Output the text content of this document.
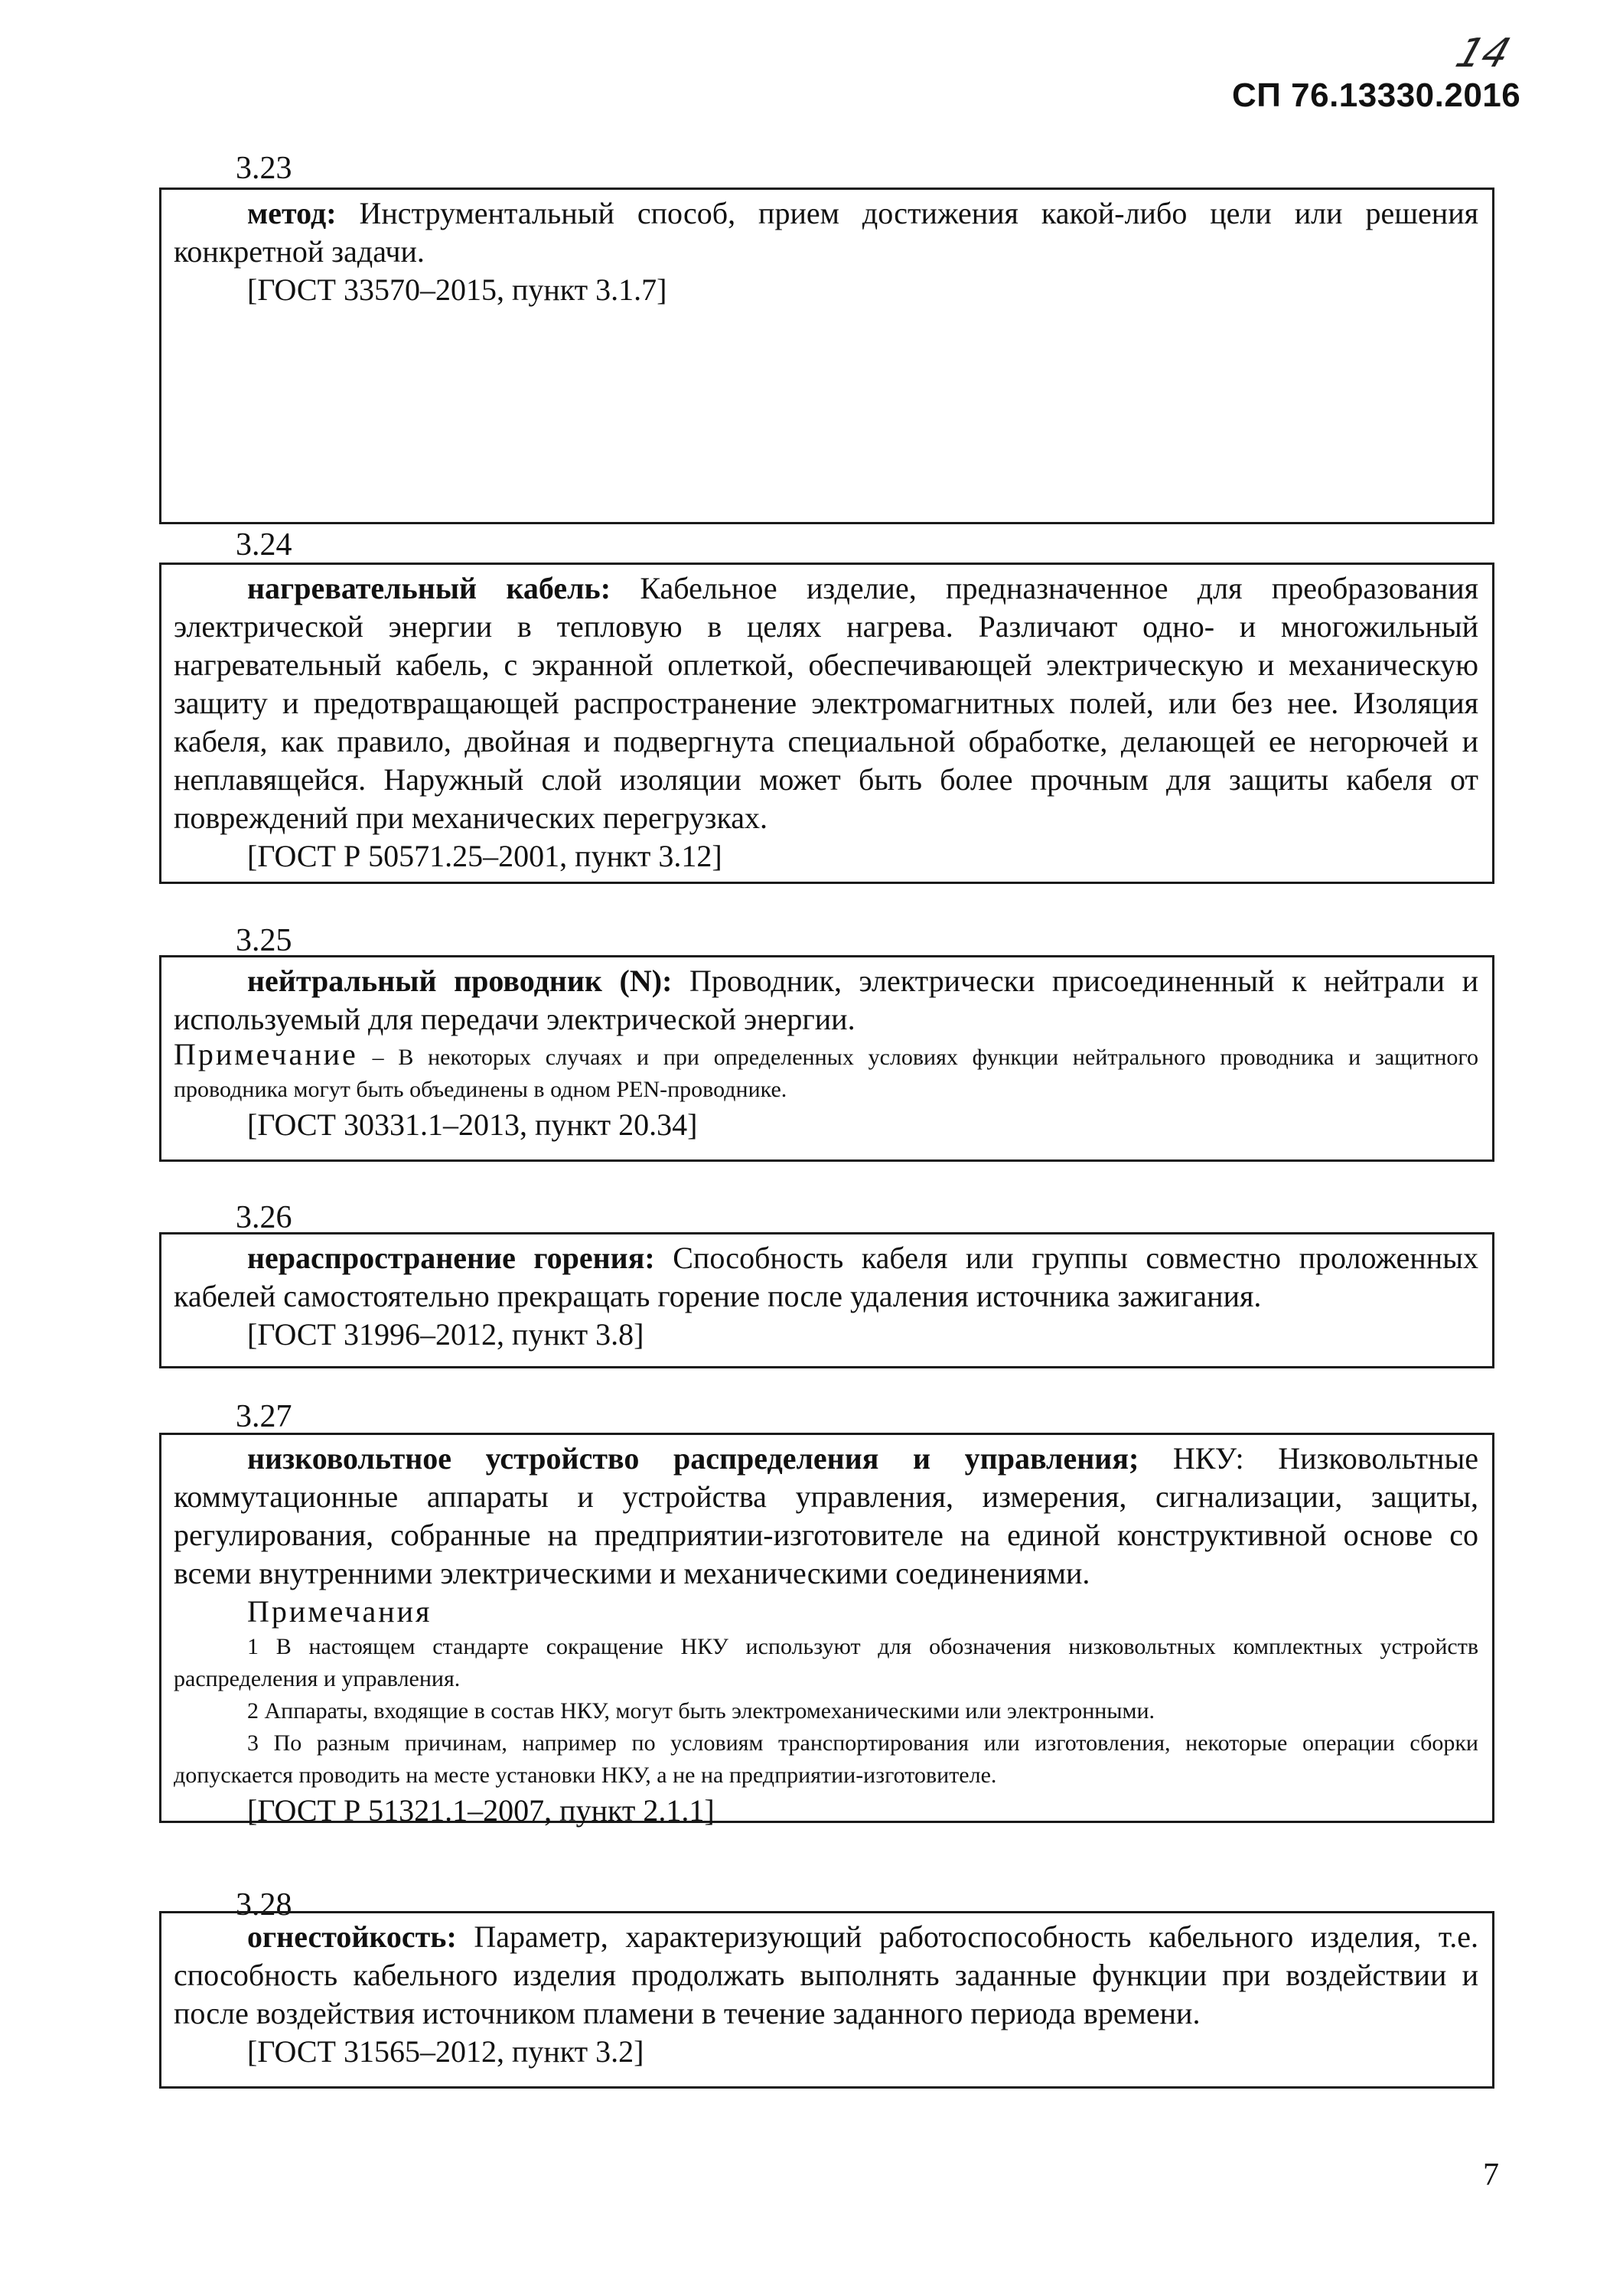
14
СП 76.13330.2016
3.23

метод: Инструментальный способ, прием достижения какой-либо цели или решения конкретной задачи.

[ГОСТ 33570–2015, пункт 3.1.7]

3.24

нагревательный кабель: Кабельное изделие, предназначенное для преобразования электрической энергии в тепловую в целях нагрева. Различают одно- и многожильный нагревательный кабель, с экранной оплеткой, обеспечивающей электрическую и механическую защиту и предотвращающей распространение электромагнитных полей, или без нее. Изоляция кабеля, как правило, двойная и подвергнута специальной обработке, делающей ее негорючей и неплавящейся. Наружный слой изоляции может быть более прочным для защиты кабеля от повреждений при механических перегрузках.

[ГОСТ Р 50571.25–2001, пункт 3.12]

3.25

нейтральный проводник (N): Проводник, электрически присоединенный к нейтрали и используемый для передачи электрической энергии.

Примечание – В некоторых случаях и при определенных условиях функции нейтрального проводника и защитного проводника могут быть объединены в одном PEN-проводнике.

[ГОСТ 30331.1–2013, пункт 20.34]

3.26

нераспространение горения: Способность кабеля или группы совместно проложенных кабелей самостоятельно прекращать горение после удаления источника зажигания.

[ГОСТ 31996–2012, пункт 3.8]

3.27

низковольтное устройство распределения и управления; НКУ: Низковольтные коммутационные аппараты и устройства управления, измерения, сигнализации, защиты, регулирования, собранные на предприятии-изготовителе на единой конструктивной основе со всеми внутренними электрическими и механическими соединениями.

Примечания

1 В настоящем стандарте сокращение НКУ используют для обозначения низковольтных комплектных устройств распределения и управления.

2 Аппараты, входящие в состав НКУ, могут быть электромеханическими или электронными.

3 По разным причинам, например по условиям транспортирования или изготовления, некоторые операции сборки допускается проводить на месте установки НКУ, а не на предприятии-изготовителе.

[ГОСТ Р 51321.1–2007, пункт 2.1.1]

3.28

огнестойкость: Параметр, характеризующий работоспособность кабельного изделия, т.е. способность кабельного изделия продолжать выполнять заданные функции при воздействии и после воздействия источником пламени в течение заданного периода времени.

[ГОСТ 31565–2012, пункт 3.2]

7
